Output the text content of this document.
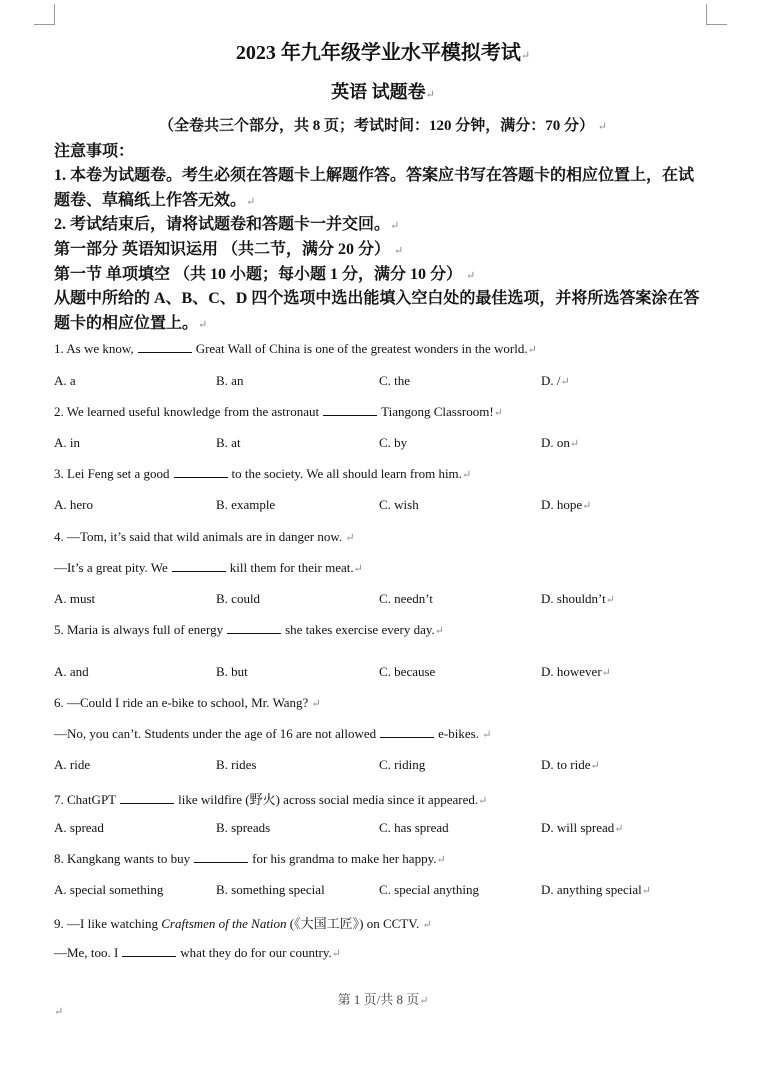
2023 年九年级学业水平模拟考试↵
英语 试题卷↵
（全卷共三个部分，共 8 页；考试时间：120 分钟，满分：70 分） ↵
注意事项：
1. 本卷为试题卷。考生必须在答题卡上解题作答。答案应书写在答题卡的相应位置上，在试
题卷、草稿纸上作答无效。↵
2. 考试结束后，请将试题卷和答题卡一并交回。↵
第一部分 英语知识运用 （共二节，满分 20 分） ↵
第一节 单项填空 （共 10 小题；每小题 1 分，满分 10 分） ↵
从题中所给的 A、B、C、D 四个选项中选出能填入空白处的最佳选项，并将所选答案涂在答
题卡的相应位置上。↵
1. As we know,	Great Wall of China is one of the greatest wonders in the world.↵
A. a	B. an	C. the	D. /↵
2. We learned useful knowledge from the astronaut	Tiangong Classroom!↵
A. in	B. at	C. by	D. on↵
3. Lei Feng set a good	to the society. We all should learn from him.↵
A. hero	B. example	C. wish	D. hope↵
4. —Tom, it’s said that wild animals are in danger now. ↵
—It’s a great pity. We	kill them for their meat.↵
A. must	B. could	C. needn’t	D. shouldn’t↵
5. Maria is always full of energy	she takes exercise every day.↵
A. and	B. but	C. because	D. however↵
6. —Could I ride an e-bike to school, Mr. Wang? ↵
—No, you can’t. Students under the age of 16 are not allowed	e-bikes. ↵
A. ride	B. rides	C. riding	D. to ride↵
7. ChatGPT	like wildfire (野火) across social media since it appeared.↵
A. spread	B. spreads	C. has spread	D. will spread↵
8. Kangkang wants to buy	for his grandma to make her happy.↵
A. special something	B. something special	C. special anything	D. anything special↵
9. —I like watching Craftsmen of the Nation (《大国工匠》) on CCTV. ↵
—Me, too. I	what they do for our country.↵
第 1 页/共 8 页↵
↵
